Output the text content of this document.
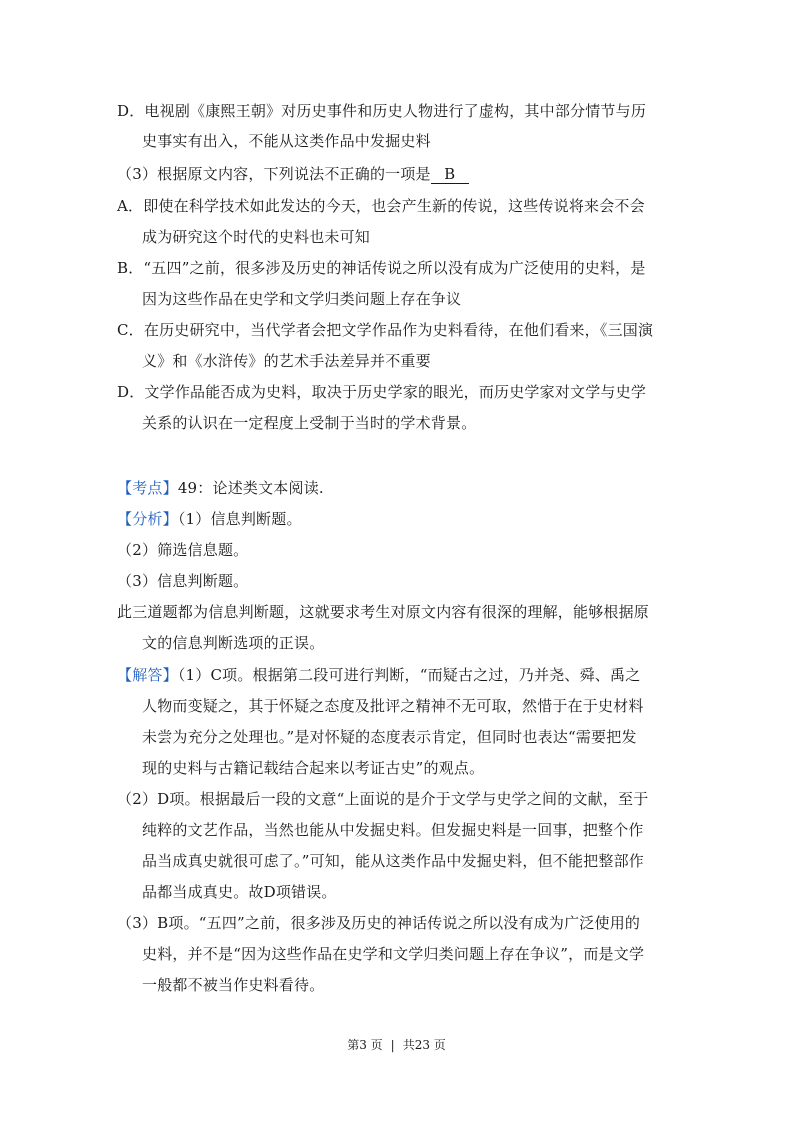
D．电视剧《康熙王朝》对历史事件和历史人物进行了虚构，其中部分情节与历
史事实有出入，不能从这类作品中发掘史料
（3）根据原文内容，下列说法不正确的一项是 B
A．即使在科学技术如此发达的今天，也会产生新的传说，这些传说将来会不会
成为研究这个时代的史料也未可知
B．“五四”之前，很多涉及历史的神话传说之所以没有成为广泛使用的史料，是
因为这些作品在史学和文学归类问题上存在争议
C．在历史研究中，当代学者会把文学作品作为史料看待，在他们看来，《三国演
义》和《水浒传》的艺术手法差异并不重要
D．文学作品能否成为史料，取决于历史学家的眼光，而历史学家对文学与史学
关系的认识在一定程度上受制于当时的学术背景。
【考点】49：论述类文本阅读.
【分析】（1）信息判断题。
（2）筛选信息题。
（3）信息判断题。
此三道题都为信息判断题，这就要求考生对原文内容有很深的理解，能够根据原
文的信息判断选项的正误。
【解答】（1）C项。根据第二段可进行判断，“而疑古之过，乃并尧、舜、禹之
人物而变疑之，其于怀疑之态度及批评之精神不无可取，然惜于在于史材料
未尝为充分之处理也。”是对怀疑的态度表示肯定，但同时也表达“需要把发
现的史料与古籍记载结合起来以考证古史”的观点。
（2）D项。根据最后一段的文意“上面说的是介于文学与史学之间的文献，至于
纯粹的文艺作品，当然也能从中发掘史料。但发掘史料是一回事，把整个作
品当成真史就很可虑了。”可知，能从这类作品中发掘史料，但不能把整部作
品都当成真史。故D项错误。
（3）B项。“五四”之前，很多涉及历史的神话传说之所以没有成为广泛使用的
史料，并不是“因为这些作品在史学和文学归类问题上存在争议”，而是文学
一般都不被当作史料看待。
第3 页 | 共23 页
